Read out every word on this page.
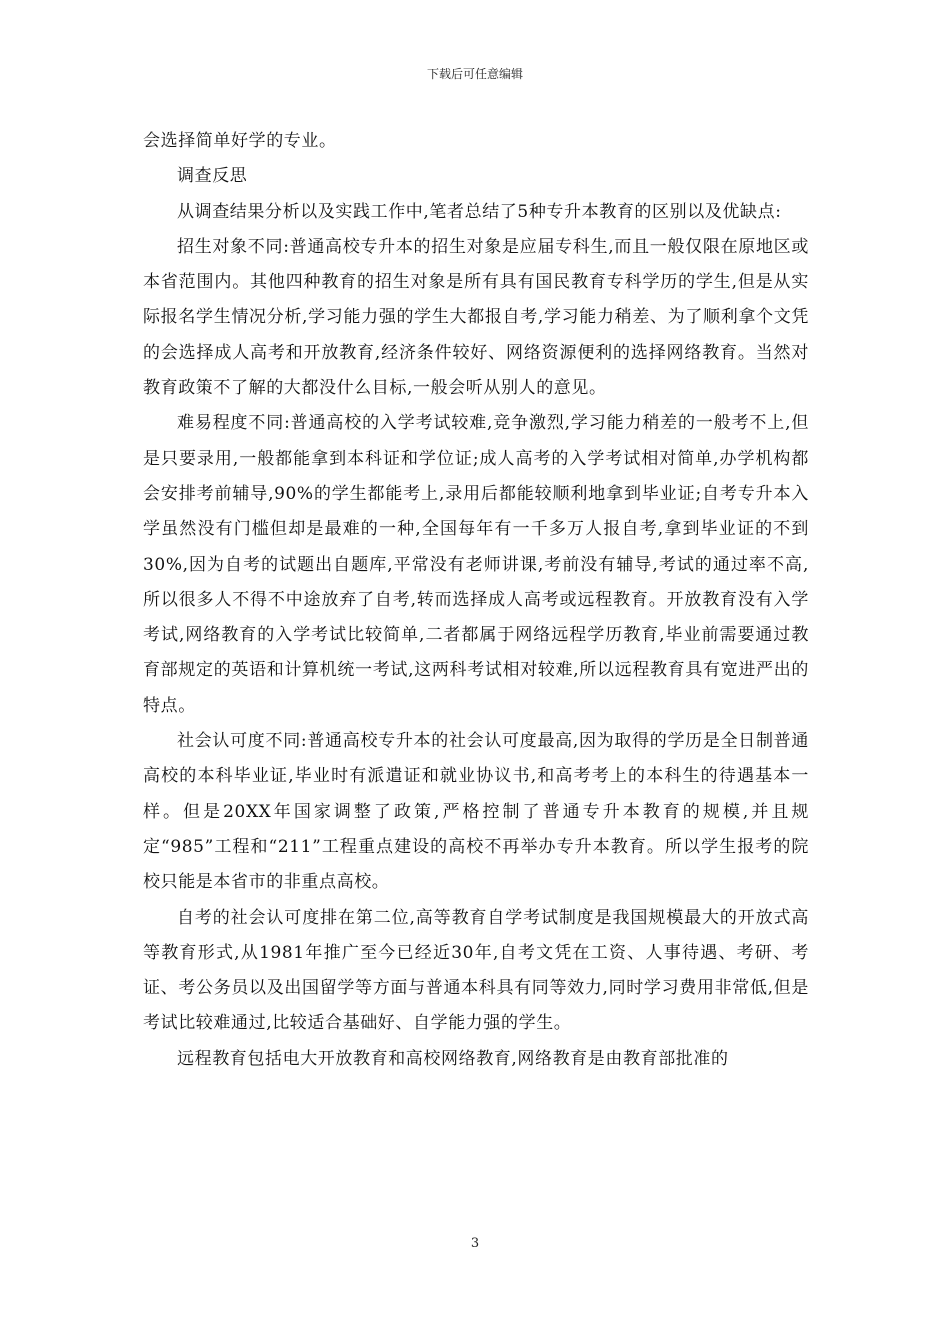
下载后可任意编辑

会选择简单好学的专业。

调查反思

从调查结果分析以及实践工作中,笔者总结了5种专升本教育的区别以及优缺点:

招生对象不同:普通高校专升本的招生对象是应届专科生,而且一般仅限在原地区或本省范围内。其他四种教育的招生对象是所有具有国民教育专科学历的学生,但是从实际报名学生情况分析,学习能力强的学生大都报自考,学习能力稍差、为了顺利拿个文凭的会选择成人高考和开放教育,经济条件较好、网络资源便利的选择网络教育。当然对教育政策不了解的大都没什么目标,一般会听从别人的意见。

难易程度不同:普通高校的入学考试较难,竞争激烈,学习能力稍差的一般考不上,但是只要录用,一般都能拿到本科证和学位证;成人高考的入学考试相对简单,办学机构都会安排考前辅导,90%的学生都能考上,录用后都能较顺利地拿到毕业证;自考专升本入学虽然没有门槛但却是最难的一种,全国每年有一千多万人报自考,拿到毕业证的不到30%,因为自考的试题出自题库,平常没有老师讲课,考前没有辅导,考试的通过率不高,所以很多人不得不中途放弃了自考,转而选择成人高考或远程教育。开放教育没有入学考试,网络教育的入学考试比较简单,二者都属于网络远程学历教育,毕业前需要通过教育部规定的英语和计算机统一考试,这两科考试相对较难,所以远程教育具有宽进严出的特点。

社会认可度不同:普通高校专升本的社会认可度最高,因为取得的学历是全日制普通高校的本科毕业证,毕业时有派遣证和就业协议书,和高考考上的本科生的待遇基本一样。但是20XX年国家调整了政策,严格控制了普通专升本教育的规模,并且规定“985”工程和“211”工程重点建设的高校不再举办专升本教育。所以学生报考的院校只能是本省市的非重点高校。

自考的社会认可度排在第二位,高等教育自学考试制度是我国规模最大的开放式高等教育形式,从1981年推广至今已经近30年,自考文凭在工资、人事待遇、考研、考证、考公务员以及出国留学等方面与普通本科具有同等效力,同时学习费用非常低,但是考试比较难通过,比较适合基础好、自学能力强的学生。

远程教育包括电大开放教育和高校网络教育,网络教育是由教育部批准的

3
